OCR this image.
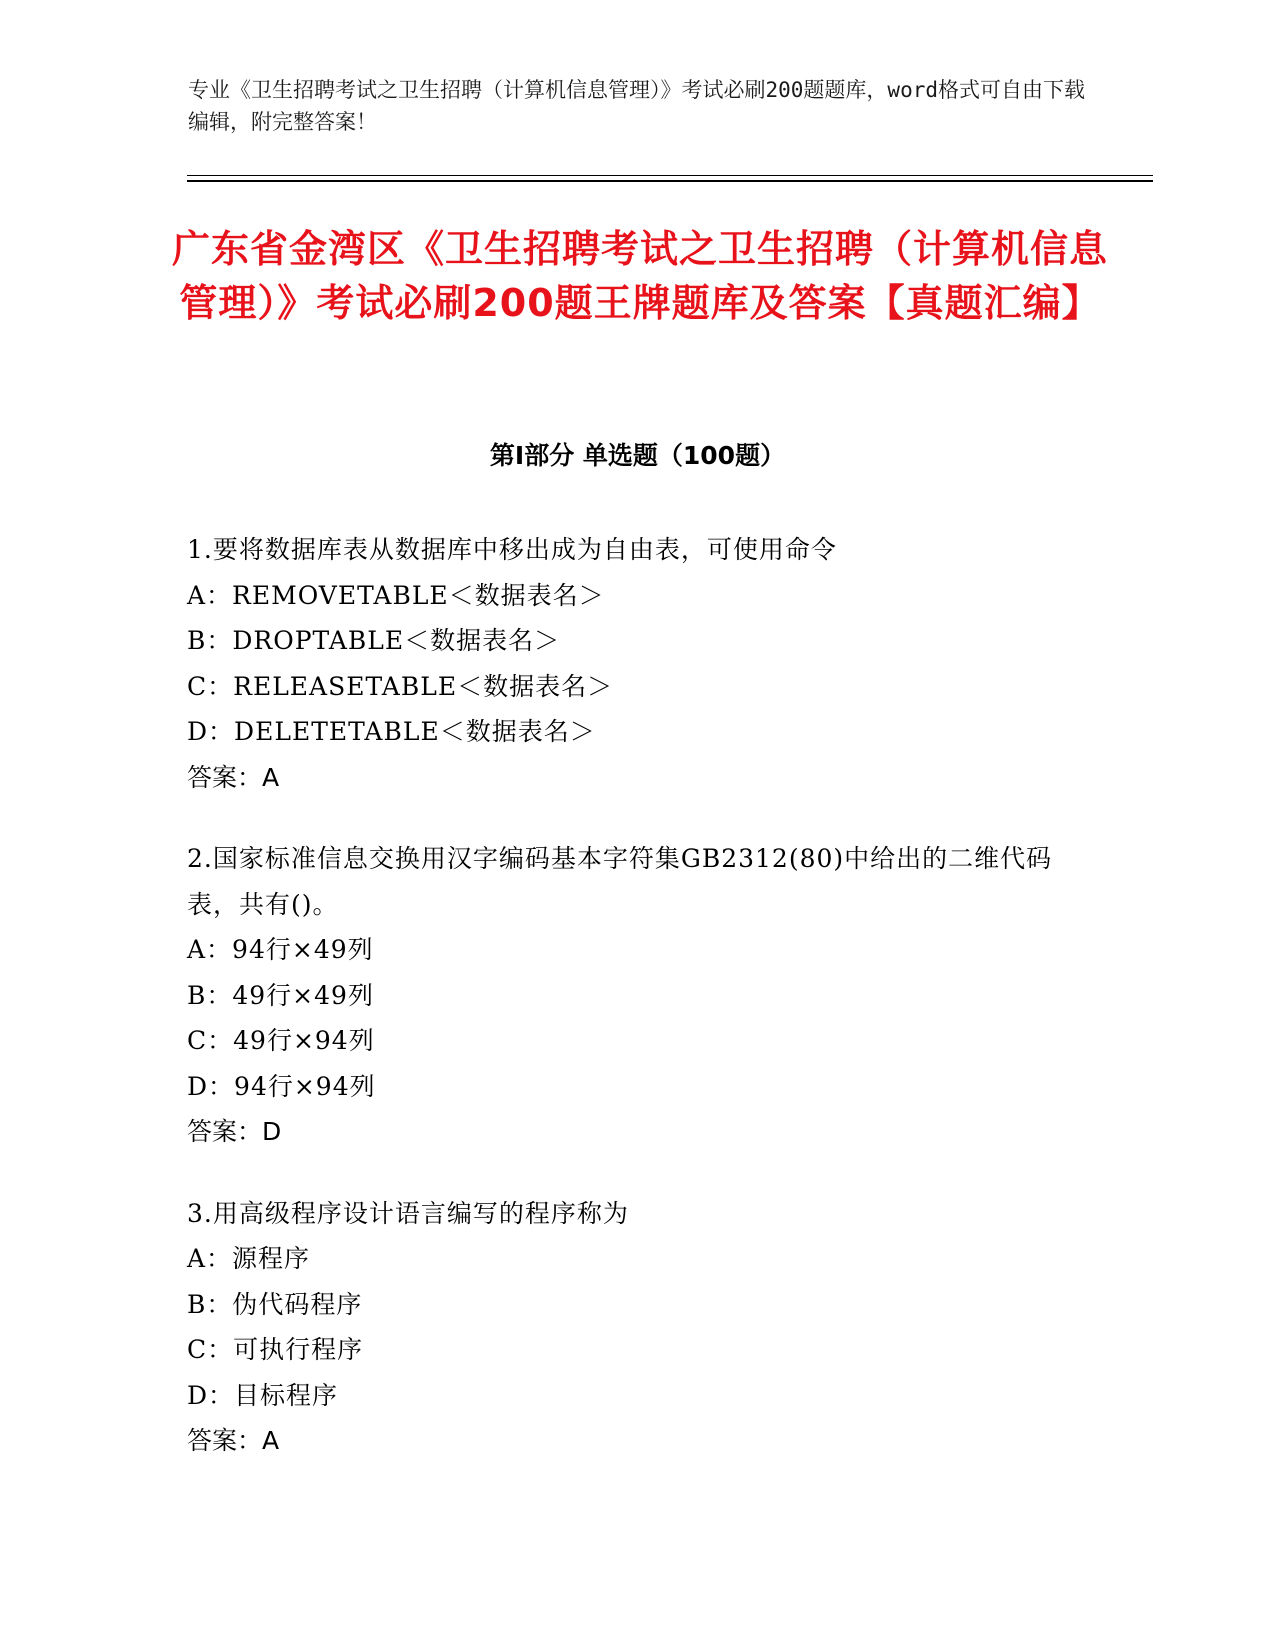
专业《卫生招聘考试之卫生招聘（计算机信息管理）》考试必刷200题题库，word格式可自由下载编辑，附完整答案！
广东省金湾区《卫生招聘考试之卫生招聘（计算机信息管理）》考试必刷200题王牌题库及答案【真题汇编】
第Ⅰ部分 单选题（100题）
1.要将数据库表从数据库中移出成为自由表，可使用命令
A：REMOVETABLE＜数据表名＞
B：DROPTABLE＜数据表名＞
C：RELEASETABLE＜数据表名＞
D：DELETETABLE＜数据表名＞
答案：A
2.国家标准信息交换用汉字编码基本字符集GB2312(80)中给出的二维代码表，共有()。
A：94行×49列
B：49行×49列
C：49行×94列
D：94行×94列
答案：D
3.用高级程序设计语言编写的程序称为
A：源程序
B：伪代码程序
C：可执行程序
D：目标程序
答案：A
